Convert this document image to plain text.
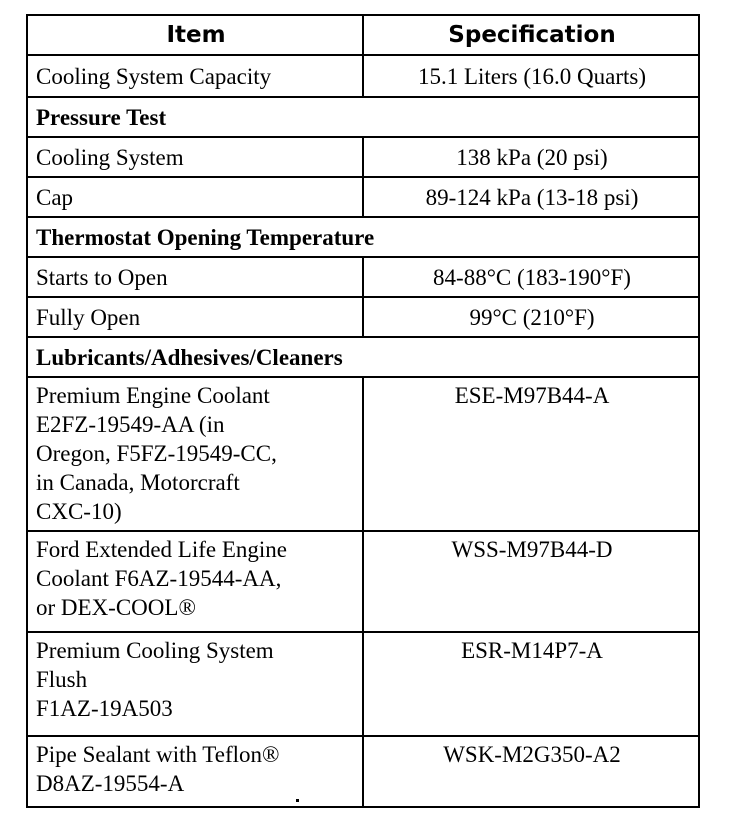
Item	Specification
Cooling System Capacity	15.1 Liters (16.0 Quarts)
Pressure Test	
Cooling System	138 kPa (20 psi)
Cap	89-124 kPa (13-18 psi)
Thermostat Opening Temperature	
Starts to Open	84-88°C (183-190°F)
Fully Open	99°C (210°F)
Lubricants/Adhesives/Cleaners	

Premium Engine Coolant
E2FZ-19549-AA (in
Oregon, F5FZ-19549-CC,
in Canada, Motorcraft
CXC-10)	ESE-M97B44-A

Ford Extended Life Engine
Coolant F6AZ-19544-AA,
or DEX-COOL®	WSS-M97B44-D

Premium Cooling System
Flush
F1AZ-19A503	ESR-M14P7-A

Pipe Sealant with Teflon®
D8AZ-19554-A	WSK-M2G350-A2
